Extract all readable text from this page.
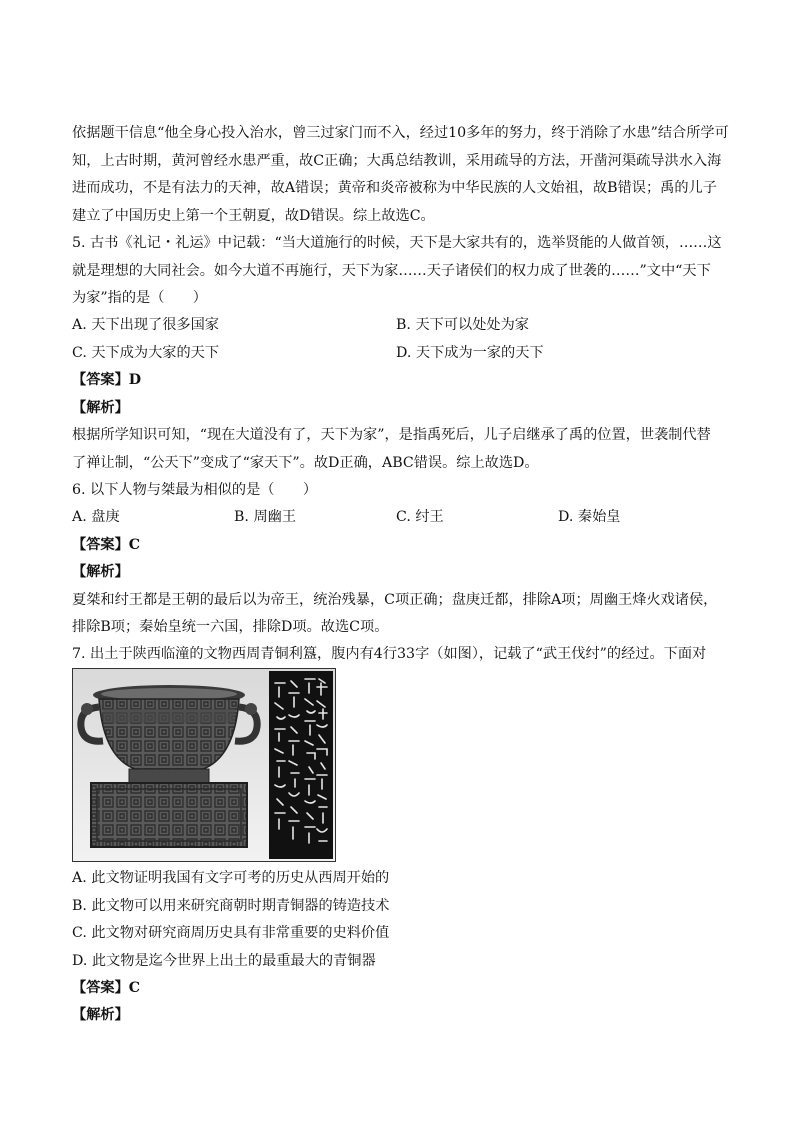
依据题干信息“他全身心投入治水，曾三过家门而不入，经过10多年的努力，终于消除了水患”结合所学可
知，上古时期，黄河曾经水患严重，故C正确；大禹总结教训，采用疏导的方法，开凿河渠疏导洪水入海
进而成功，不是有法力的天神，故A错误；黄帝和炎帝被称为中华民族的人文始祖，故B错误；禹的儿子
建立了中国历史上第一个王朝夏，故D错误。综上故选C。
5. 古书《礼记・礼运》中记载：“当大道施行的时候，天下是大家共有的，选举贤能的人做首领，……这
就是理想的大同社会。如今大道不再施行，天下为家……天子诸侯们的权力成了世袭的……”文中“天下
为家”指的是（　　）
A. 天下出现了很多国家	B. 天下可以处处为家
C. 天下成为大家的天下	D. 天下成为一家的天下
【答案】D
【解析】
根据所学知识可知，“现在大道没有了，天下为家”，是指禹死后，儿子启继承了禹的位置，世袭制代替
了禅让制，“公天下”变成了“家天下”。故D正确，ABC错误。综上故选D。
6. 以下人物与桀最为相似的是（　　）
A. 盘庚	B. 周幽王	C. 纣王	D. 秦始皇
【答案】C
【解析】
夏桀和纣王都是王朝的最后以为帝王，统治残暴，C项正确；盘庚迁都，排除A项；周幽王烽火戏诸侯，
排除B项；秦始皇统一六国，排除D项。故选C项。
7. 出土于陕西临潼的文物西周青铜利簋，腹内有4行33字（如图），记载了“武王伐纣”的经过。下面对
A. 此文物证明我国有文字可考的历史从西周开始的
B. 此文物可以用来研究商朝时期青铜器的铸造技术
C. 此文物对研究商周历史具有非常重要的史料价值
D. 此文物是迄今世界上出土的最重最大的青铜器
【答案】C
【解析】
